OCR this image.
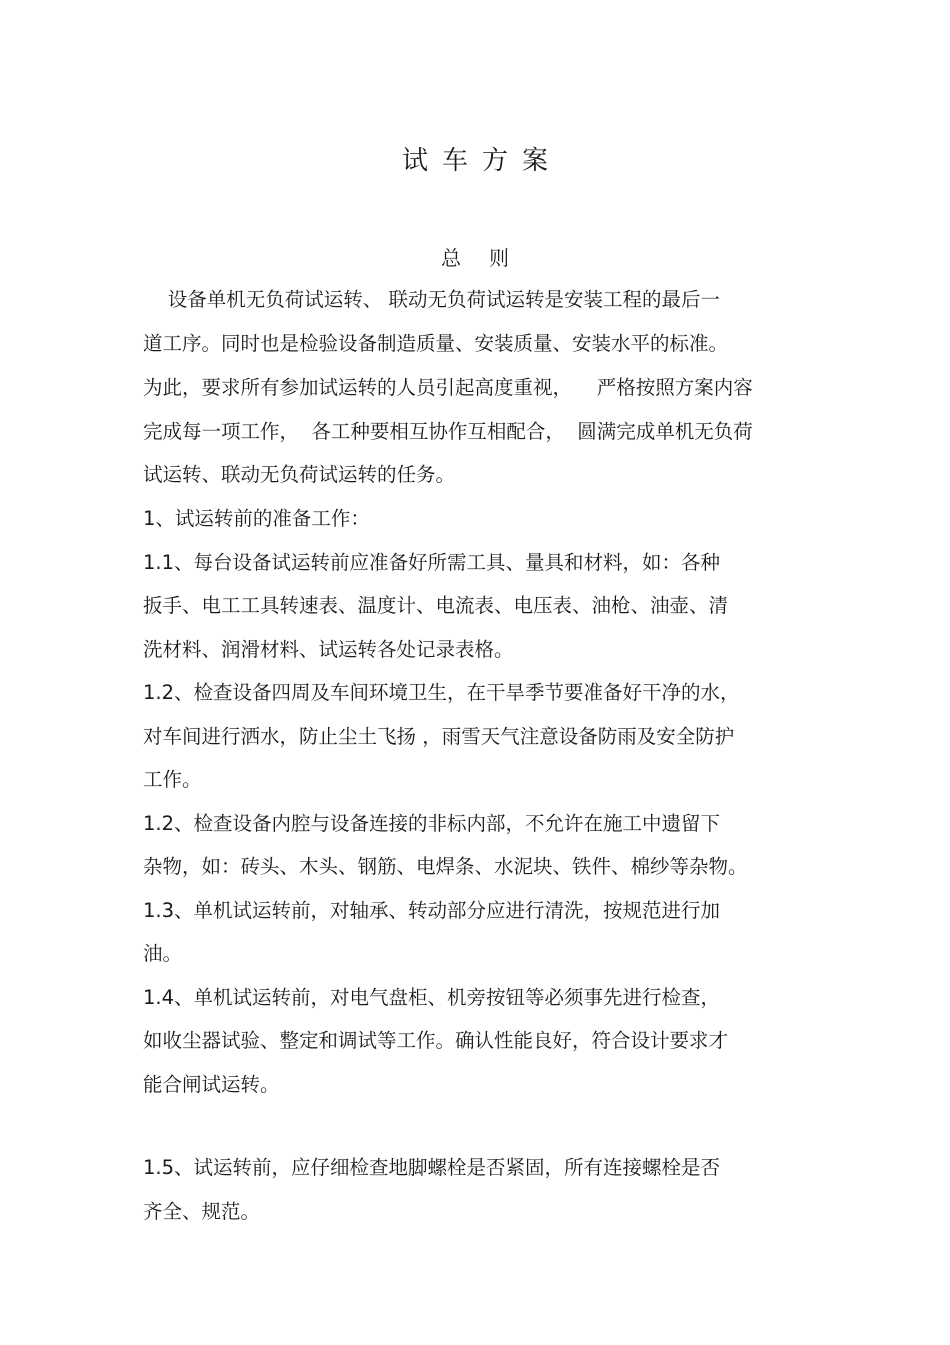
试车方案
总则
设备单机无负荷试运转、 联动无负荷试运转是安装工程的最后一
道工序。同时也是检验设备制造质量、安装质量、安装水平的标准。
为此，要求所有参加试运转的人员引起高度重视，    严格按照方案内容
完成每一项工作，  各工种要相互协作互相配合，  圆满完成单机无负荷
试运转、联动无负荷试运转的任务。
1、试运转前的准备工作：
1.1、每台设备试运转前应准备好所需工具、量具和材料，如：各种
扳手、电工工具转速表、温度计、电流表、电压表、油枪、油壶、清
洗材料、润滑材料、试运转各处记录表格。
1.2、检查设备四周及车间环境卫生，在干旱季节要准备好干净的水，
对车间进行洒水，防止尘土飞扬 ，雨雪天气注意设备防雨及安全防护
工作。
1.2、检查设备内腔与设备连接的非标内部，不允许在施工中遗留下
杂物，如：砖头、木头、钢筋、电焊条、水泥块、铁件、棉纱等杂物。
1.3、单机试运转前，对轴承、转动部分应进行清洗，按规范进行加
油。
1.4、单机试运转前，对电气盘柜、机旁按钮等必须事先进行检查，
如收尘器试验、整定和调试等工作。确认性能良好，符合设计要求才
能合闸试运转。
1.5、试运转前，应仔细检查地脚螺栓是否紧固，所有连接螺栓是否
齐全、规范。
